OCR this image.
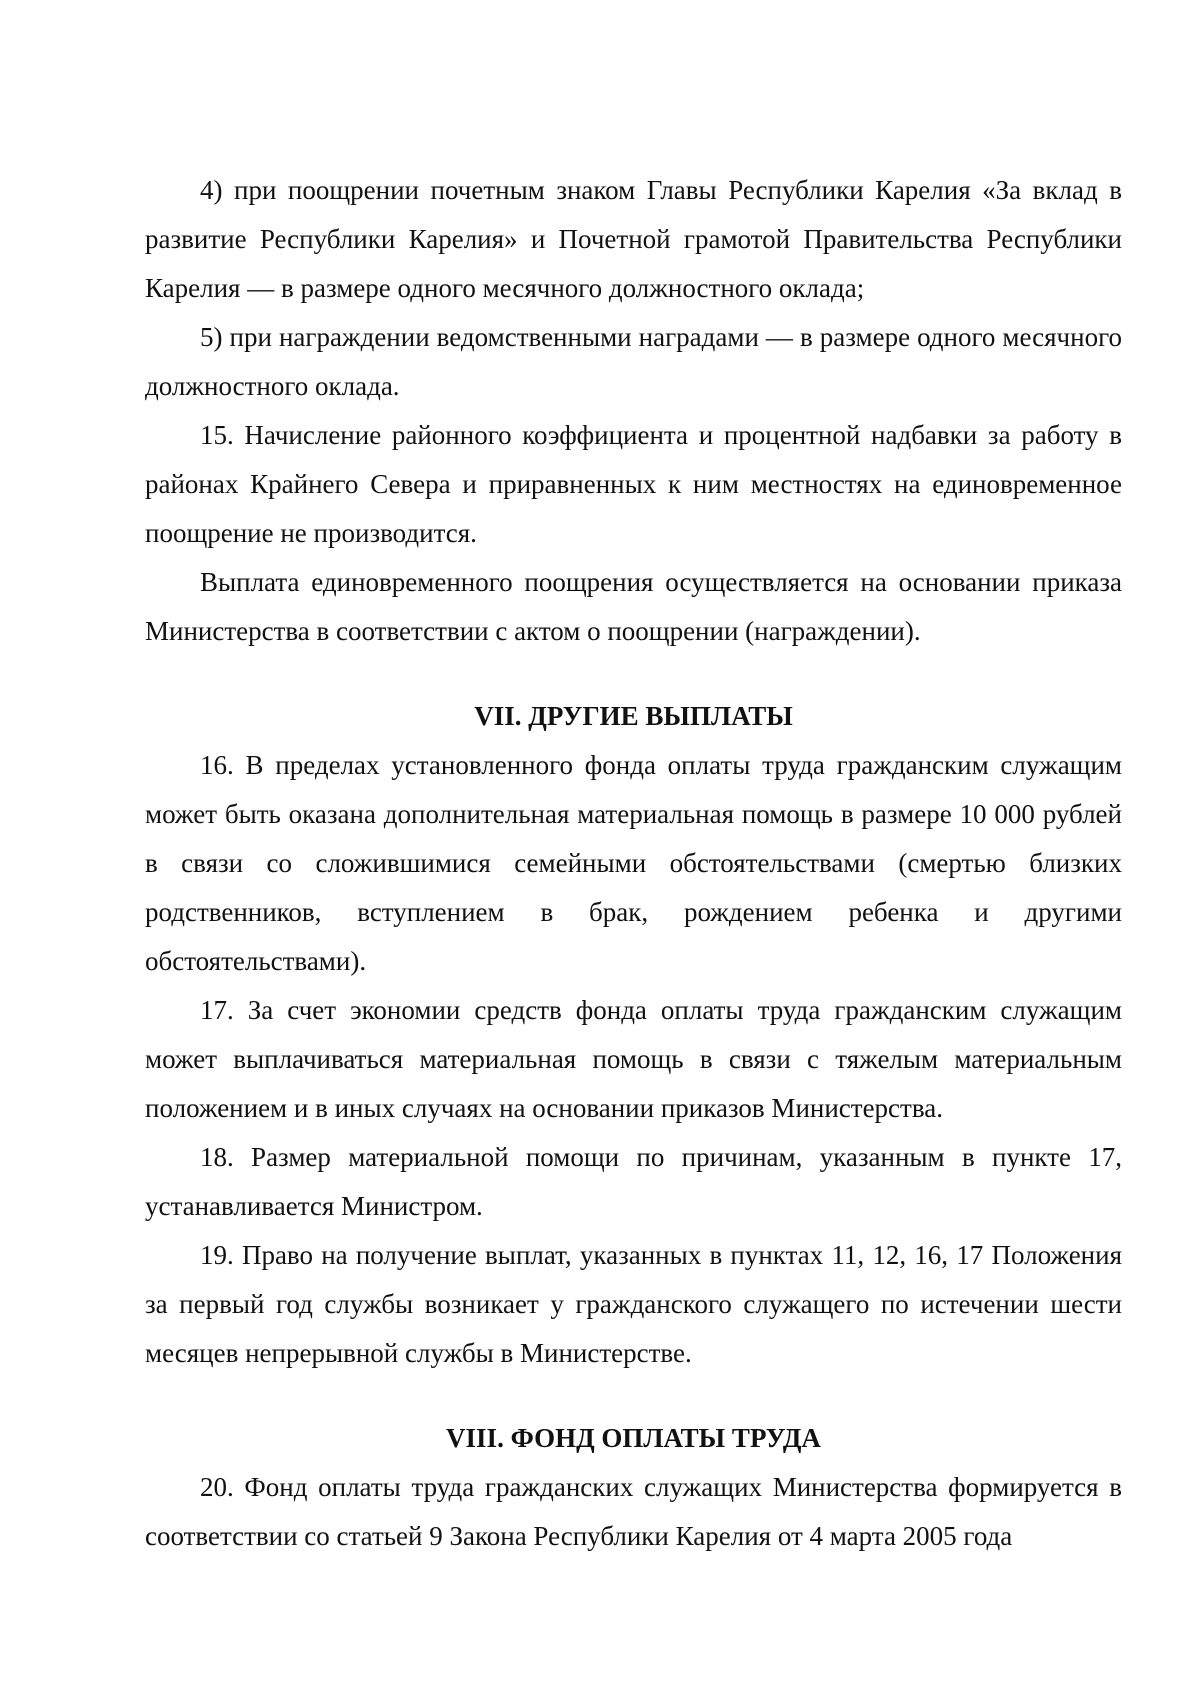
4) при поощрении почетным знаком Главы Республики Карелия «За вклад в развитие Республики Карелия» и Почетной грамотой Правительства Республики Карелия — в размере одного месячного должностного оклада;

5) при награждении ведомственными наградами — в размере одного месячного должностного оклада.

15. Начисление районного коэффициента и процентной надбавки за работу в районах Крайнего Севера и приравненных к ним местностях на единовременное поощрение не производится.

Выплата единовременного поощрения осуществляется на основании приказа Министерства в соответствии с актом о поощрении (награждении).

VII. ДРУГИЕ ВЫПЛАТЫ

16. В пределах установленного фонда оплаты труда гражданским служащим может быть оказана дополнительная материальная помощь в размере 10 000 рублей в связи со сложившимися семейными обстоятельствами (смертью близких родственников, вступлением в брак, рождением ребенка и другими обстоятельствами).

17. За счет экономии средств фонда оплаты труда гражданским служащим может выплачиваться материальная помощь в связи с тяжелым материальным положением и в иных случаях на основании приказов Министерства.

18. Размер материальной помощи по причинам, указанным в пункте 17, устанавливается Министром.

19. Право на получение выплат, указанных в пунктах 11, 12, 16, 17 Положения за первый год службы возникает у гражданского служащего по истечении шести месяцев непрерывной службы в Министерстве.

VIII. ФОНД ОПЛАТЫ ТРУДА

20. Фонд оплаты труда гражданских служащих Министерства формируется в соответствии со статьей 9 Закона Республики Карелия от 4 марта 2005 года
